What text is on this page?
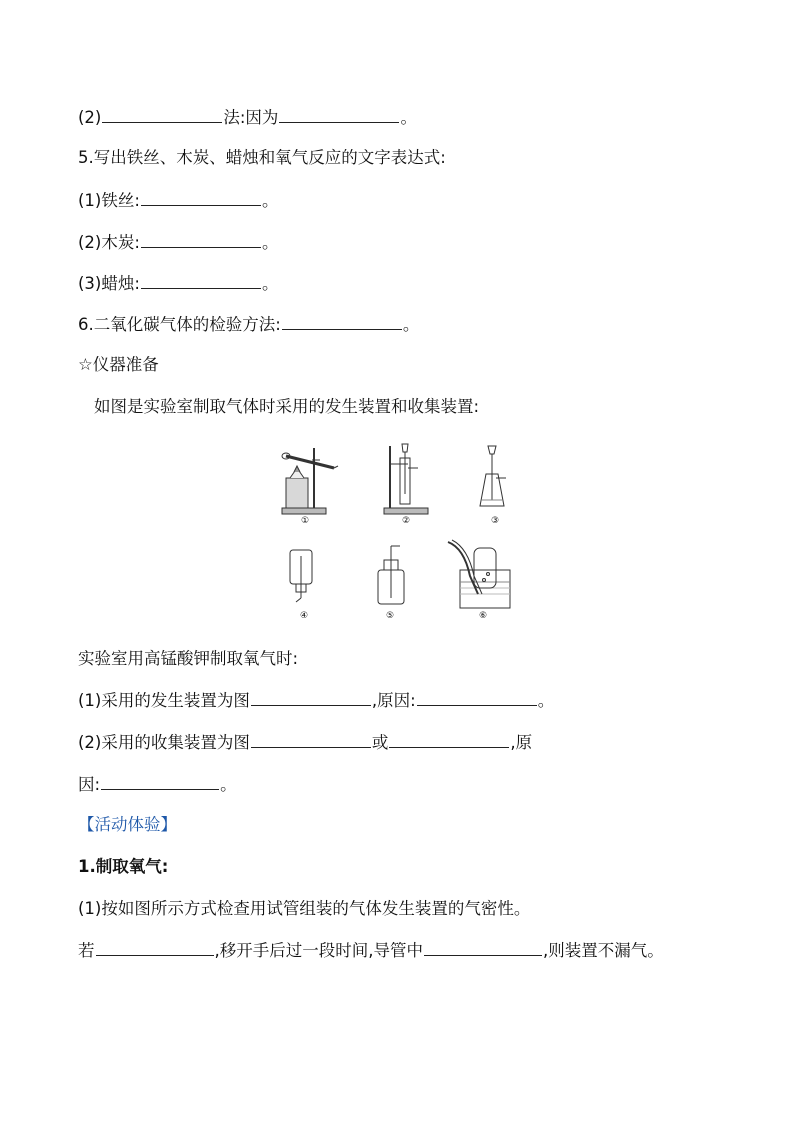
(2)	法:因为	。
5.写出铁丝、木炭、蜡烛和氧气反应的文字表达式:
(1)铁丝:	。
(2)木炭:	。
(3)蜡烛:	。
6.二氧化碳气体的检验方法:	。
☆仪器准备
如图是实验室制取气体时采用的发生装置和收集装置:
①	②	③
④	⑤	⑥
实验室用高锰酸钾制取氧气时:
(1)采用的发生装置为图	,原因:	。
(2)采用的收集装置为图	或	,原
因:	。
【活动体验】
1.制取氧气:
(1)按如图所示方式检查用试管组装的气体发生装置的气密性。
若	,移开手后过一段时间,导管中	,则装置不漏气。
